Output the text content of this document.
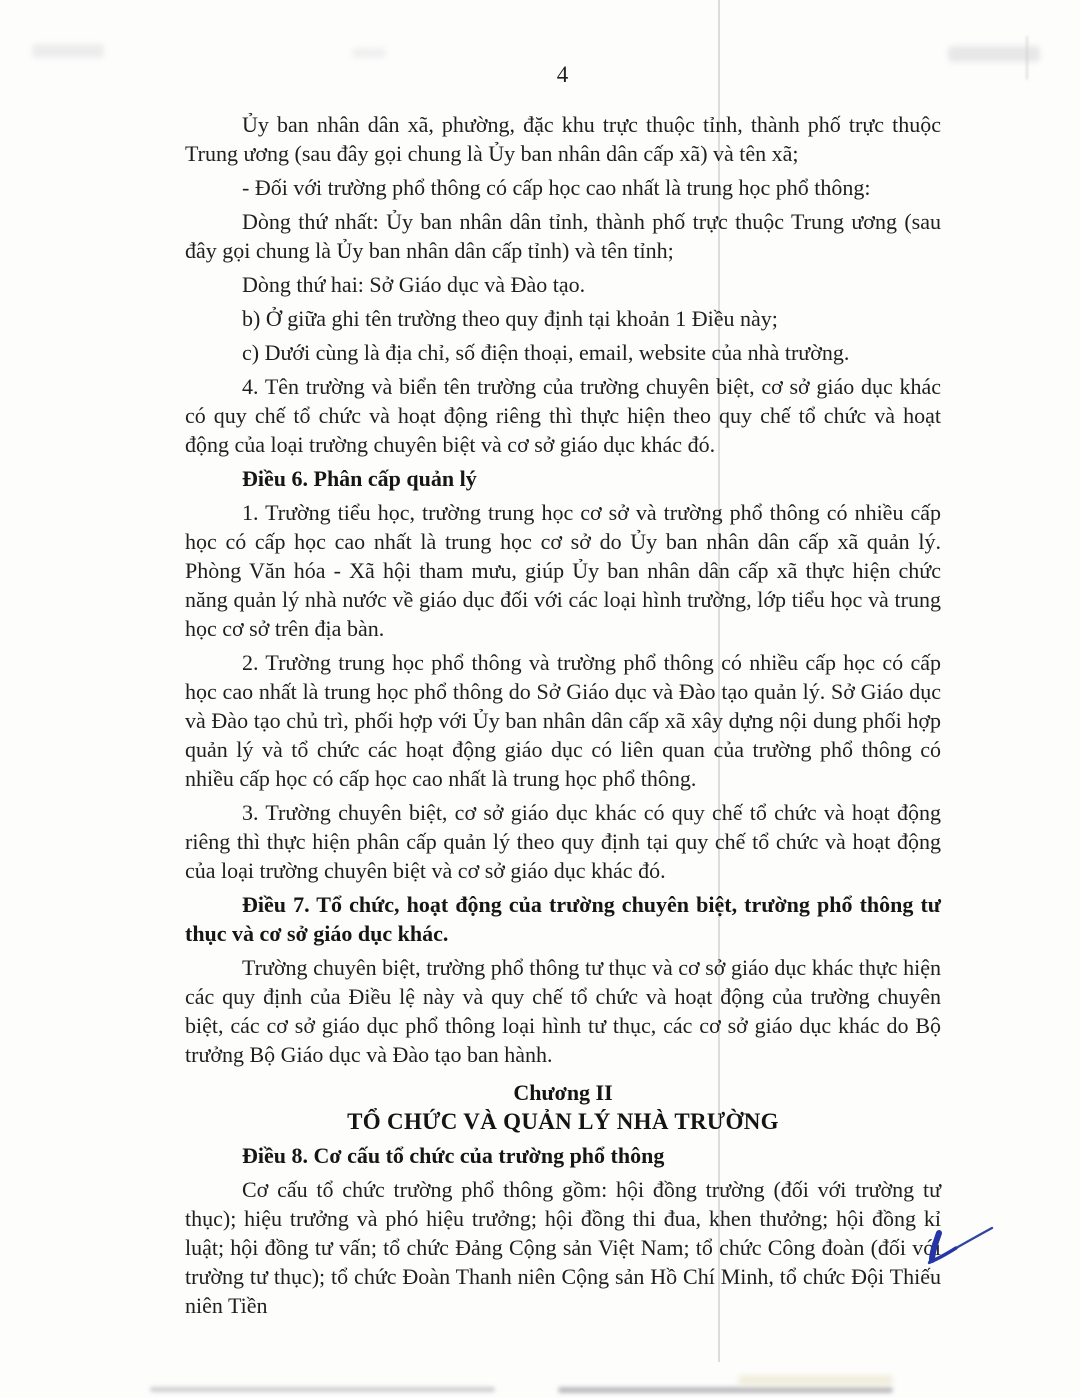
4

Ủy ban nhân dân xã, phường, đặc khu trực thuộc tỉnh, thành phố trực thuộc Trung ương (sau đây gọi chung là Ủy ban nhân dân cấp xã) và tên xã;

- Đối với trường phổ thông có cấp học cao nhất là trung học phổ thông:

Dòng thứ nhất: Ủy ban nhân dân tỉnh, thành phố trực thuộc Trung ương (sau đây gọi chung là Ủy ban nhân dân cấp tỉnh) và tên tỉnh;

Dòng thứ hai: Sở Giáo dục và Đào tạo.

b) Ở giữa ghi tên trường theo quy định tại khoản 1 Điều này;

c) Dưới cùng là địa chỉ, số điện thoại, email, website của nhà trường.

4. Tên trường và biển tên trường của trường chuyên biệt, cơ sở giáo dục khác có quy chế tổ chức và hoạt động riêng thì thực hiện theo quy chế tổ chức và hoạt động của loại trường chuyên biệt và cơ sở giáo dục khác đó.

Điều 6. Phân cấp quản lý

1. Trường tiểu học, trường trung học cơ sở và trường phổ thông có nhiều cấp học có cấp học cao nhất là trung học cơ sở do Ủy ban nhân dân cấp xã quản lý. Phòng Văn hóa - Xã hội tham mưu, giúp Ủy ban nhân dân cấp xã thực hiện chức năng quản lý nhà nước về giáo dục đối với các loại hình trường, lớp tiểu học và trung học cơ sở trên địa bàn.

2. Trường trung học phổ thông và trường phổ thông có nhiều cấp học có cấp học cao nhất là trung học phổ thông do Sở Giáo dục và Đào tạo quản lý. Sở Giáo dục và Đào tạo chủ trì, phối hợp với Ủy ban nhân dân cấp xã xây dựng nội dung phối hợp quản lý và tổ chức các hoạt động giáo dục có liên quan của trường phổ thông có nhiều cấp học có cấp học cao nhất là trung học phổ thông.

3. Trường chuyên biệt, cơ sở giáo dục khác có quy chế tổ chức và hoạt động riêng thì thực hiện phân cấp quản lý theo quy định tại quy chế tổ chức và hoạt động của loại trường chuyên biệt và cơ sở giáo dục khác đó.

Điều 7. Tổ chức, hoạt động của trường chuyên biệt, trường phổ thông tư thục và cơ sở giáo dục khác.

Trường chuyên biệt, trường phổ thông tư thục và cơ sở giáo dục khác thực hiện các quy định của Điều lệ này và quy chế tổ chức và hoạt động của trường chuyên biệt, các cơ sở giáo dục phổ thông loại hình tư thục, các cơ sở giáo dục khác do Bộ trưởng Bộ Giáo dục và Đào tạo ban hành.

Chương II

TỔ CHỨC VÀ QUẢN LÝ NHÀ TRƯỜNG

Điều 8. Cơ cấu tổ chức của trường phổ thông

Cơ cấu tổ chức trường phổ thông gồm: hội đồng trường (đối với trường tư thục); hiệu trưởng và phó hiệu trưởng; hội đồng thi đua, khen thưởng; hội đồng kỉ luật; hội đồng tư vấn; tổ chức Đảng Cộng sản Việt Nam; tổ chức Công đoàn (đối với trường tư thục); tổ chức Đoàn Thanh niên Cộng sản Hồ Chí Minh, tổ chức Đội Thiếu niên Tiền
